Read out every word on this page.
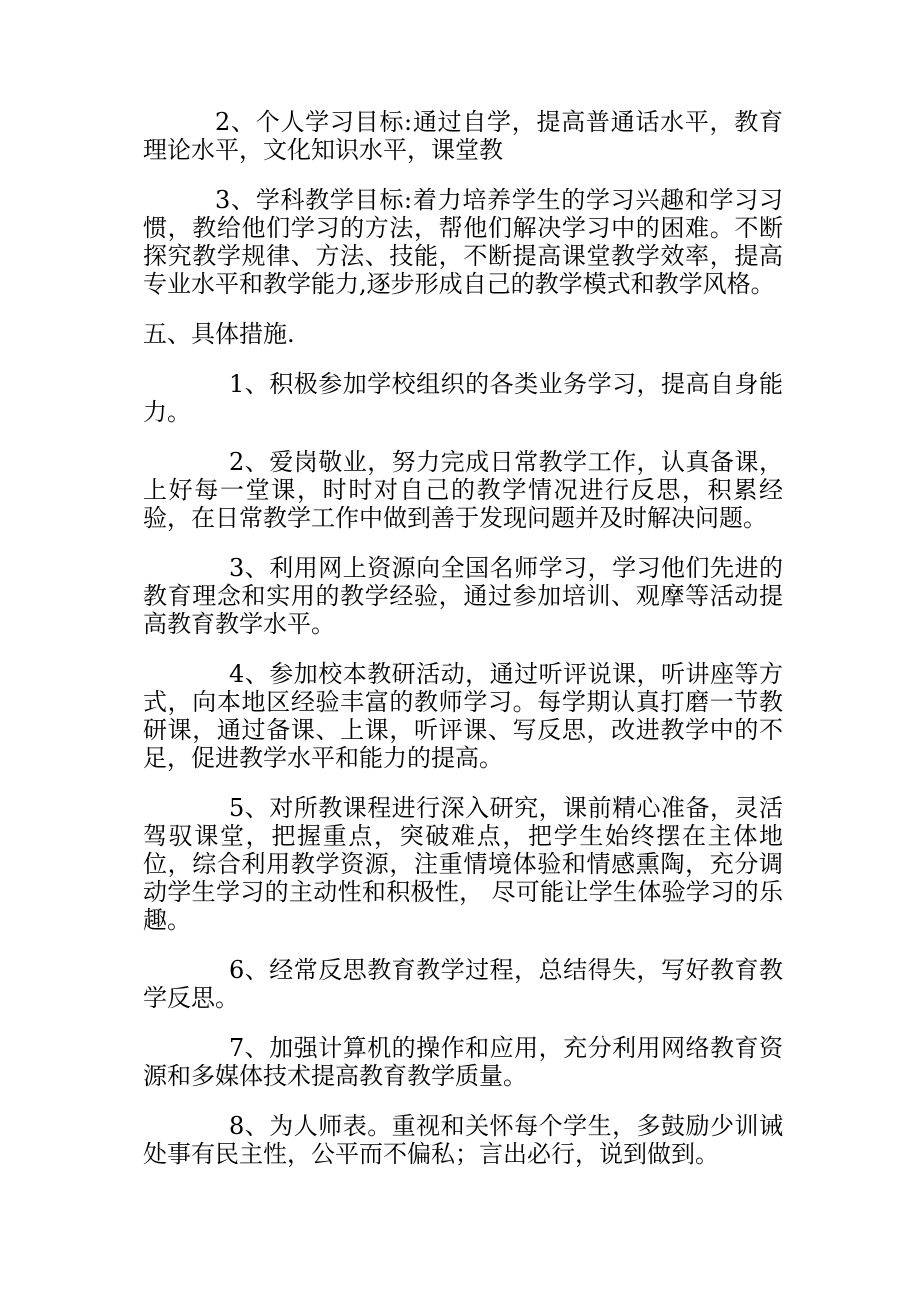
2、个人学习目标:通过自学，提高普通话水平，教育理论水平，文化知识水平，课堂教

3、学科教学目标:着力培养学生的学习兴趣和学习习惯，教给他们学习的方法，帮他们解决学习中的困难。不断探究教学规律、方法、技能，不断提高课堂教学效率，提高专业水平和教学能力,逐步形成自己的教学模式和教学风格。

五、具体措施.

1、积极参加学校组织的各类业务学习，提高自身能力。

2、爱岗敬业，努力完成日常教学工作，认真备课，上好每一堂课，时时对自己的教学情况进行反思，积累经验，在日常教学工作中做到善于发现问题并及时解决问题。

3、利用网上资源向全国名师学习，学习他们先进的教育理念和实用的教学经验，通过参加培训、观摩等活动提高教育教学水平。

4、参加校本教研活动，通过听评说课，听讲座等方式，向本地区经验丰富的教师学习。每学期认真打磨一节教研课，通过备课、上课，听评课、写反思，改进教学中的不足，促进教学水平和能力的提高。

5、对所教课程进行深入研究，课前精心准备，灵活驾驭课堂，把握重点，突破难点，把学生始终摆在主体地位，综合利用教学资源，注重情境体验和情感熏陶，充分调动学生学习的主动性和积极性， 尽可能让学生体验学习的乐趣。

6、经常反思教育教学过程，总结得失，写好教育教学反思。

7、加强计算机的操作和应用，充分利用网络教育资源和多媒体技术提高教育教学质量。

8、为人师表。重视和关怀每个学生，多鼓励少训诫处事有民主性，公平而不偏私；言出必行，说到做到。
